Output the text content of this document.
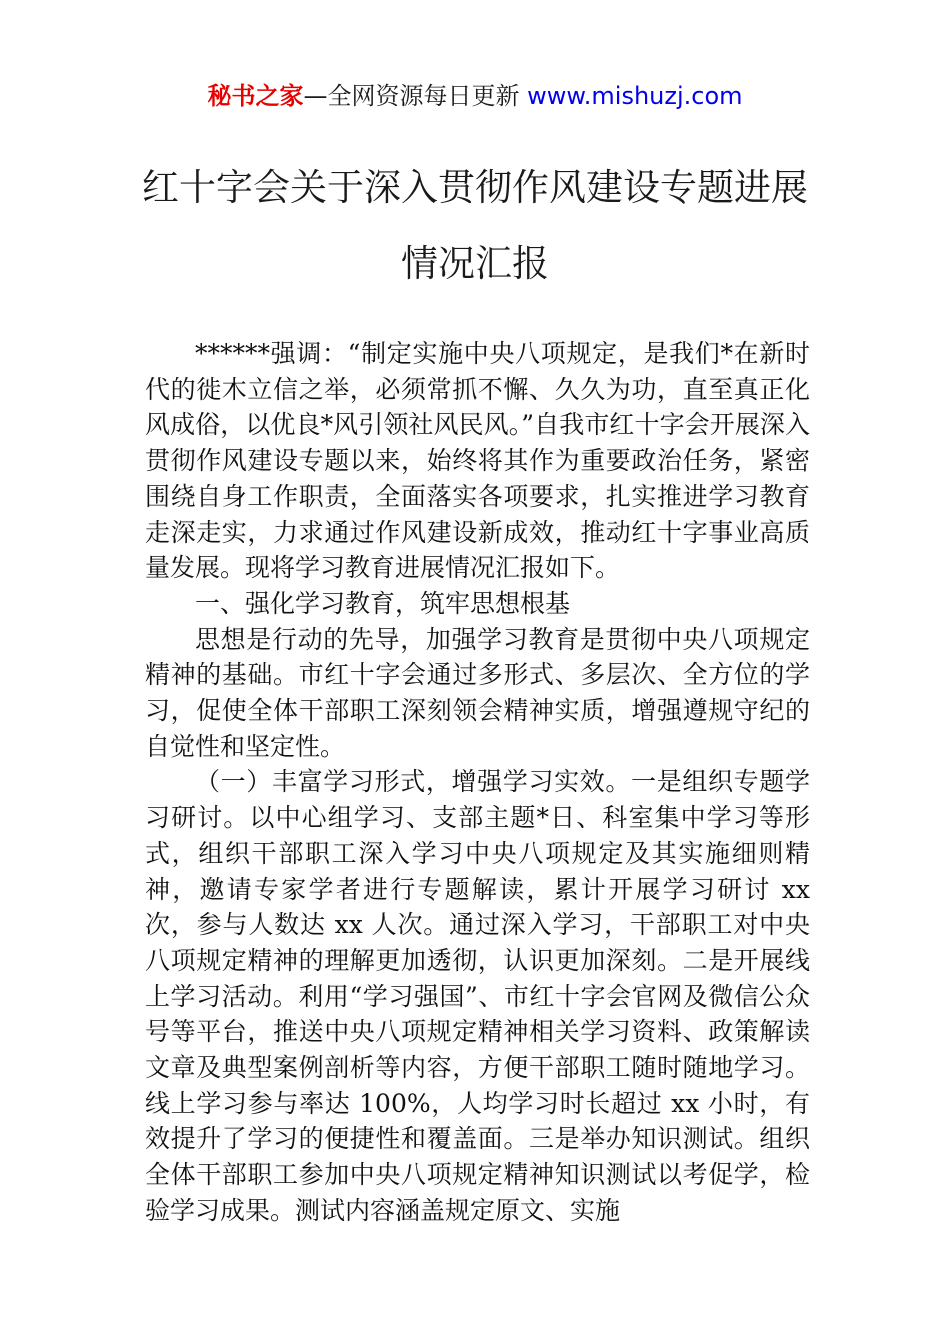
秘书之家—全网资源每日更新 www.mishuzj.com
红十字会关于深入贯彻作风建设专题进展
情况汇报

******强调：“制定实施中央八项规定，是我们*在新时代的徙木立信之举，必须常抓不懈、久久为功，直至真正化风成俗，以优良*风引领社风民风。”自我市红十字会开展深入贯彻作风建设专题以来，始终将其作为重要政治任务，紧密围绕自身工作职责，全面落实各项要求，扎实推进学习教育走深走实，力求通过作风建设新成效，推动红十字事业高质量发展。现将学习教育进展情况汇报如下。

一、强化学习教育，筑牢思想根基

思想是行动的先导，加强学习教育是贯彻中央八项规定精神的基础。市红十字会通过多形式、多层次、全方位的学习，促使全体干部职工深刻领会精神实质，增强遵规守纪的自觉性和坚定性。

（一）丰富学习形式，增强学习实效。一是组织专题学习研讨。以中心组学习、支部主题*日、科室集中学习等形式，组织干部职工深入学习中央八项规定及其实施细则精神，邀请专家学者进行专题解读，累计开展学习研讨 xx 次，参与人数达 xx 人次。通过深入学习，干部职工对中央八项规定精神的理解更加透彻，认识更加深刻。二是开展线上学习活动。利用“学习强国”、市红十字会官网及微信公众号等平台，推送中央八项规定精神相关学习资料、政策解读文章及典型案例剖析等内容，方便干部职工随时随地学习。线上学习参与率达 100%，人均学习时长超过 xx 小时，有效提升了学习的便捷性和覆盖面。三是举办知识测试。组织全体干部职工参加中央八项规定精神知识测试以考促学，检验学习成果。测试内容涵盖规定原文、实施
